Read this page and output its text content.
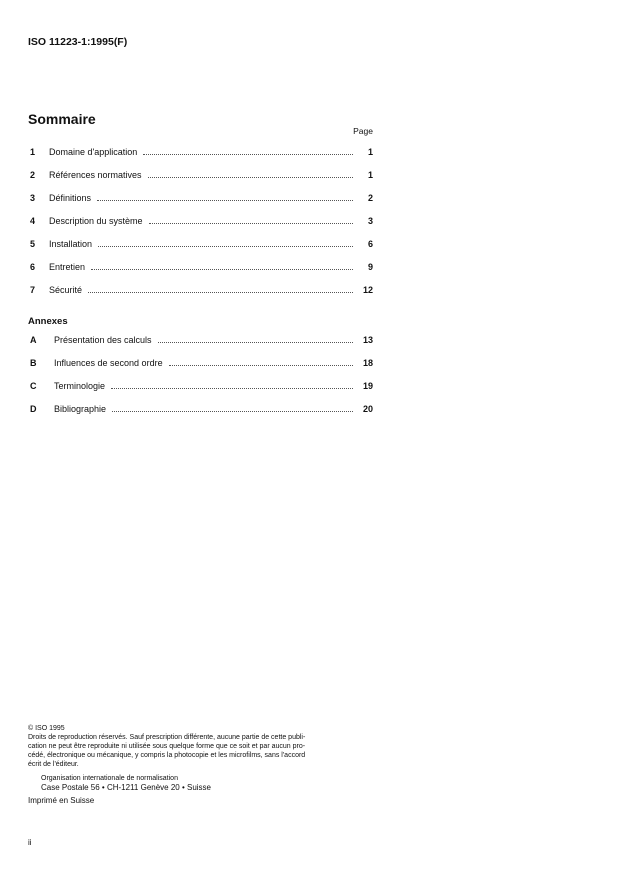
ISO 11223-1:1995(F)
Sommaire
Page
1	Domaine d'application	1
2	Références normatives	1
3	Définitions	2
4	Description du système	3
5	Installation	6
6	Entretien	9
7	Sécurité	12
Annexes
A	Présentation des calculs	13
B	Influences de second ordre	18
C	Terminologie	19
D	Bibliographie	20
© ISO 1995
Droits de reproduction réservés. Sauf prescription différente, aucune partie de cette publi-
cation ne peut être reproduite ni utilisée sous quelque forme que ce soit et par aucun pro-
cédé, électronique ou mécanique, y compris la photocopie et les microfilms, sans l'accord
écrit de l'éditeur.
Organisation internationale de normalisation
Case Postale 56 • CH-1211 Genève 20 • Suisse
Imprimé en Suisse
ii
